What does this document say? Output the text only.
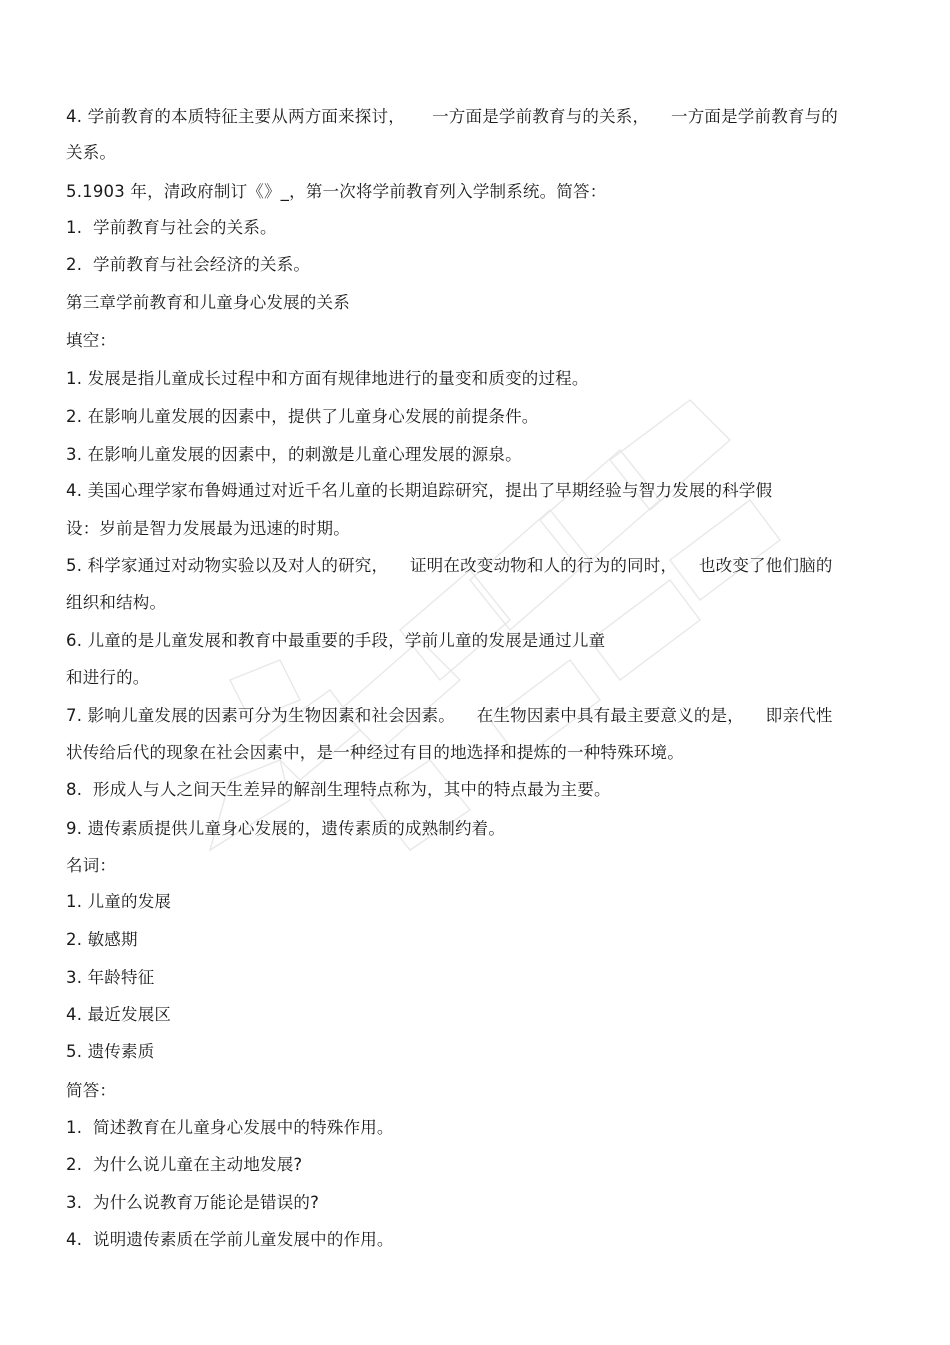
4. 学前教育的本质特征主要从两方面来探讨，     一方面是学前教育与的关系，    一方面是学前教育与的
关系。
5.1903 年，清政府制订《》_，第一次将学前教育列入学制系统。简答：
1.  学前教育与社会的关系。
2.  学前教育与社会经济的关系。
第三章学前教育和儿童身心发展的关系
填空：
1. 发展是指儿童成长过程中和方面有规律地进行的量变和质变的过程。
2. 在影响儿童发展的因素中，提供了儿童身心发展的前提条件。
3. 在影响儿童发展的因素中，的刺激是儿童心理发展的源泉。
4. 美国心理学家布鲁姆通过对近千名儿童的长期追踪研究，提出了早期经验与智力发展的科学假
设：岁前是智力发展最为迅速的时期。
5. 科学家通过对动物实验以及对人的研究，    证明在改变动物和人的行为的同时，    也改变了他们脑的
组织和结构。
6. 儿童的是儿童发展和教育中最重要的手段，学前儿童的发展是通过儿童
和进行的。
7. 影响儿童发展的因素可分为生物因素和社会因素。    在生物因素中具有最主要意义的是，    即亲代性
状传给后代的现象在社会因素中，是一种经过有目的地选择和提炼的一种特殊环境。
8.  形成人与人之间天生差异的解剖生理特点称为，其中的特点最为主要。
9. 遗传素质提供儿童身心发展的，遗传素质的成熟制约着。
名词：
1. 儿童的发展
2. 敏感期
3. 年龄特征
4. 最近发展区
5. 遗传素质
简答：
1.  简述教育在儿童身心发展中的特殊作用。
2.  为什么说儿童在主动地发展?
3.  为什么说教育万能论是错误的?
4.  说明遗传素质在学前儿童发展中的作用。
